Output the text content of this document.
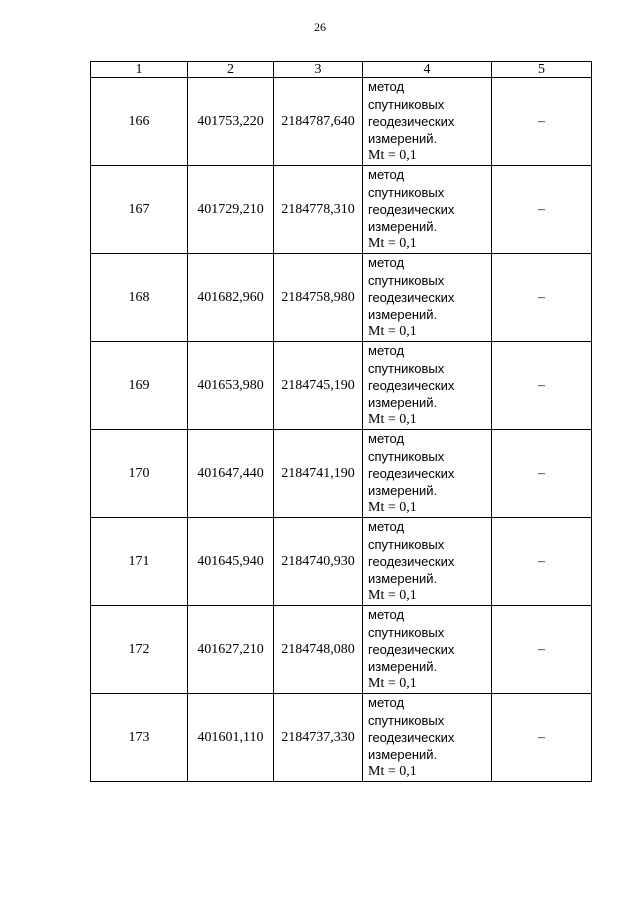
26
1	2	3	4	5
166	401753,220	2184787,640	метод
спутниковых
геодезических
измерений.
Mt = 0,1	–
167	401729,210	2184778,310	метод
спутниковых
геодезических
измерений.
Mt = 0,1	–
168	401682,960	2184758,980	метод
спутниковых
геодезических
измерений.
Mt = 0,1	–
169	401653,980	2184745,190	метод
спутниковых
геодезических
измерений.
Mt = 0,1	–
170	401647,440	2184741,190	метод
спутниковых
геодезических
измерений.
Mt = 0,1	–
171	401645,940	2184740,930	метод
спутниковых
геодезических
измерений.
Mt = 0,1	–
172	401627,210	2184748,080	метод
спутниковых
геодезических
измерений.
Mt = 0,1	–
173	401601,110	2184737,330	метод
спутниковых
геодезических
измерений.
Mt = 0,1	–
